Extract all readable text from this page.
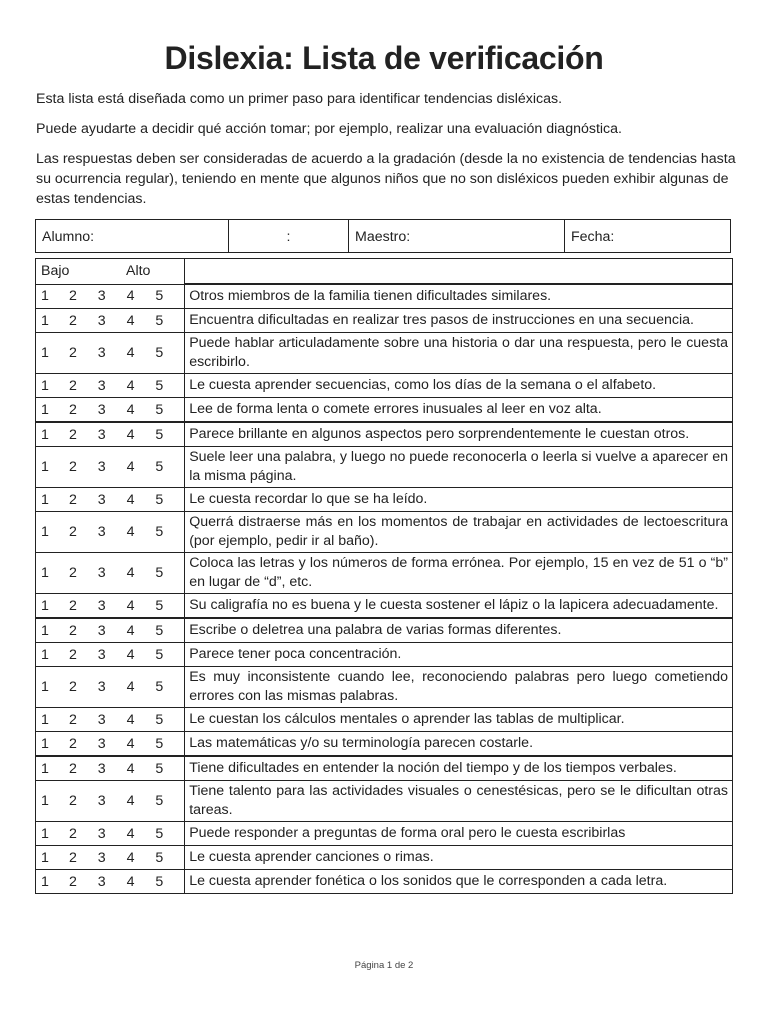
Dislexia: Lista de verificación

Esta lista está diseñada como un primer paso para identificar tendencias disléxicas.

Puede ayudarte a decidir qué acción tomar; por ejemplo, realizar una evaluación diagnóstica.

Las respuestas deben ser consideradas de acuerdo a la gradación (desde la no existencia de tendencias hasta su ocurrencia regular), teniendo en mente que algunos niños que no son disléxicos pueden exhibir algunas de estas tendencias.

Alumno:	:	Maestro:	Fecha:
Bajo Alto	
1 2 3 4 5	Otros miembros de la familia tienen dificultades similares.
1 2 3 4 5	Encuentra dificultadas en realizar tres pasos de instrucciones en una secuencia.
1 2 3 4 5	Puede hablar articuladamente sobre una historia o dar una respuesta, pero le cuesta escribirlo.
1 2 3 4 5	Le cuesta aprender secuencias, como los días de la semana o el alfabeto.
1 2 3 4 5	Lee de forma lenta o comete errores inusuales al leer en voz alta.
1 2 3 4 5	Parece brillante en algunos aspectos pero sorprendentemente le cuestan otros.
1 2 3 4 5	Suele leer una palabra, y luego no puede reconocerla o leerla si vuelve a aparecer en la misma página.
1 2 3 4 5	Le cuesta recordar lo que se ha leído.
1 2 3 4 5	Querrá distraerse más en los momentos de trabajar en actividades de lectoescritura (por ejemplo, pedir ir al baño).
1 2 3 4 5	Coloca las letras y los números de forma errónea. Por ejemplo, 15 en vez de 51 o “b” en lugar de “d”, etc.
1 2 3 4 5	Su caligrafía no es buena y le cuesta sostener el lápiz o la lapicera adecuadamente.
1 2 3 4 5	Escribe o deletrea una palabra de varias formas diferentes.
1 2 3 4 5	Parece tener poca concentración.
1 2 3 4 5	Es muy inconsistente cuando lee, reconociendo palabras pero luego cometiendo errores con las mismas palabras.
1 2 3 4 5	Le cuestan los cálculos mentales o aprender las tablas de multiplicar.
1 2 3 4 5	Las matemáticas y/o su terminología parecen costarle.
1 2 3 4 5	Tiene dificultades en entender la noción del tiempo y de los tiempos verbales.
1 2 3 4 5	Tiene talento para las actividades visuales o cenestésicas, pero se le dificultan otras tareas.
1 2 3 4 5	Puede responder a preguntas de forma oral pero le cuesta escribirlas
1 2 3 4 5	Le cuesta aprender canciones o rimas.
1 2 3 4 5	Le cuesta aprender fonética o los sonidos que le corresponden a cada letra.
Página 1 de 2
